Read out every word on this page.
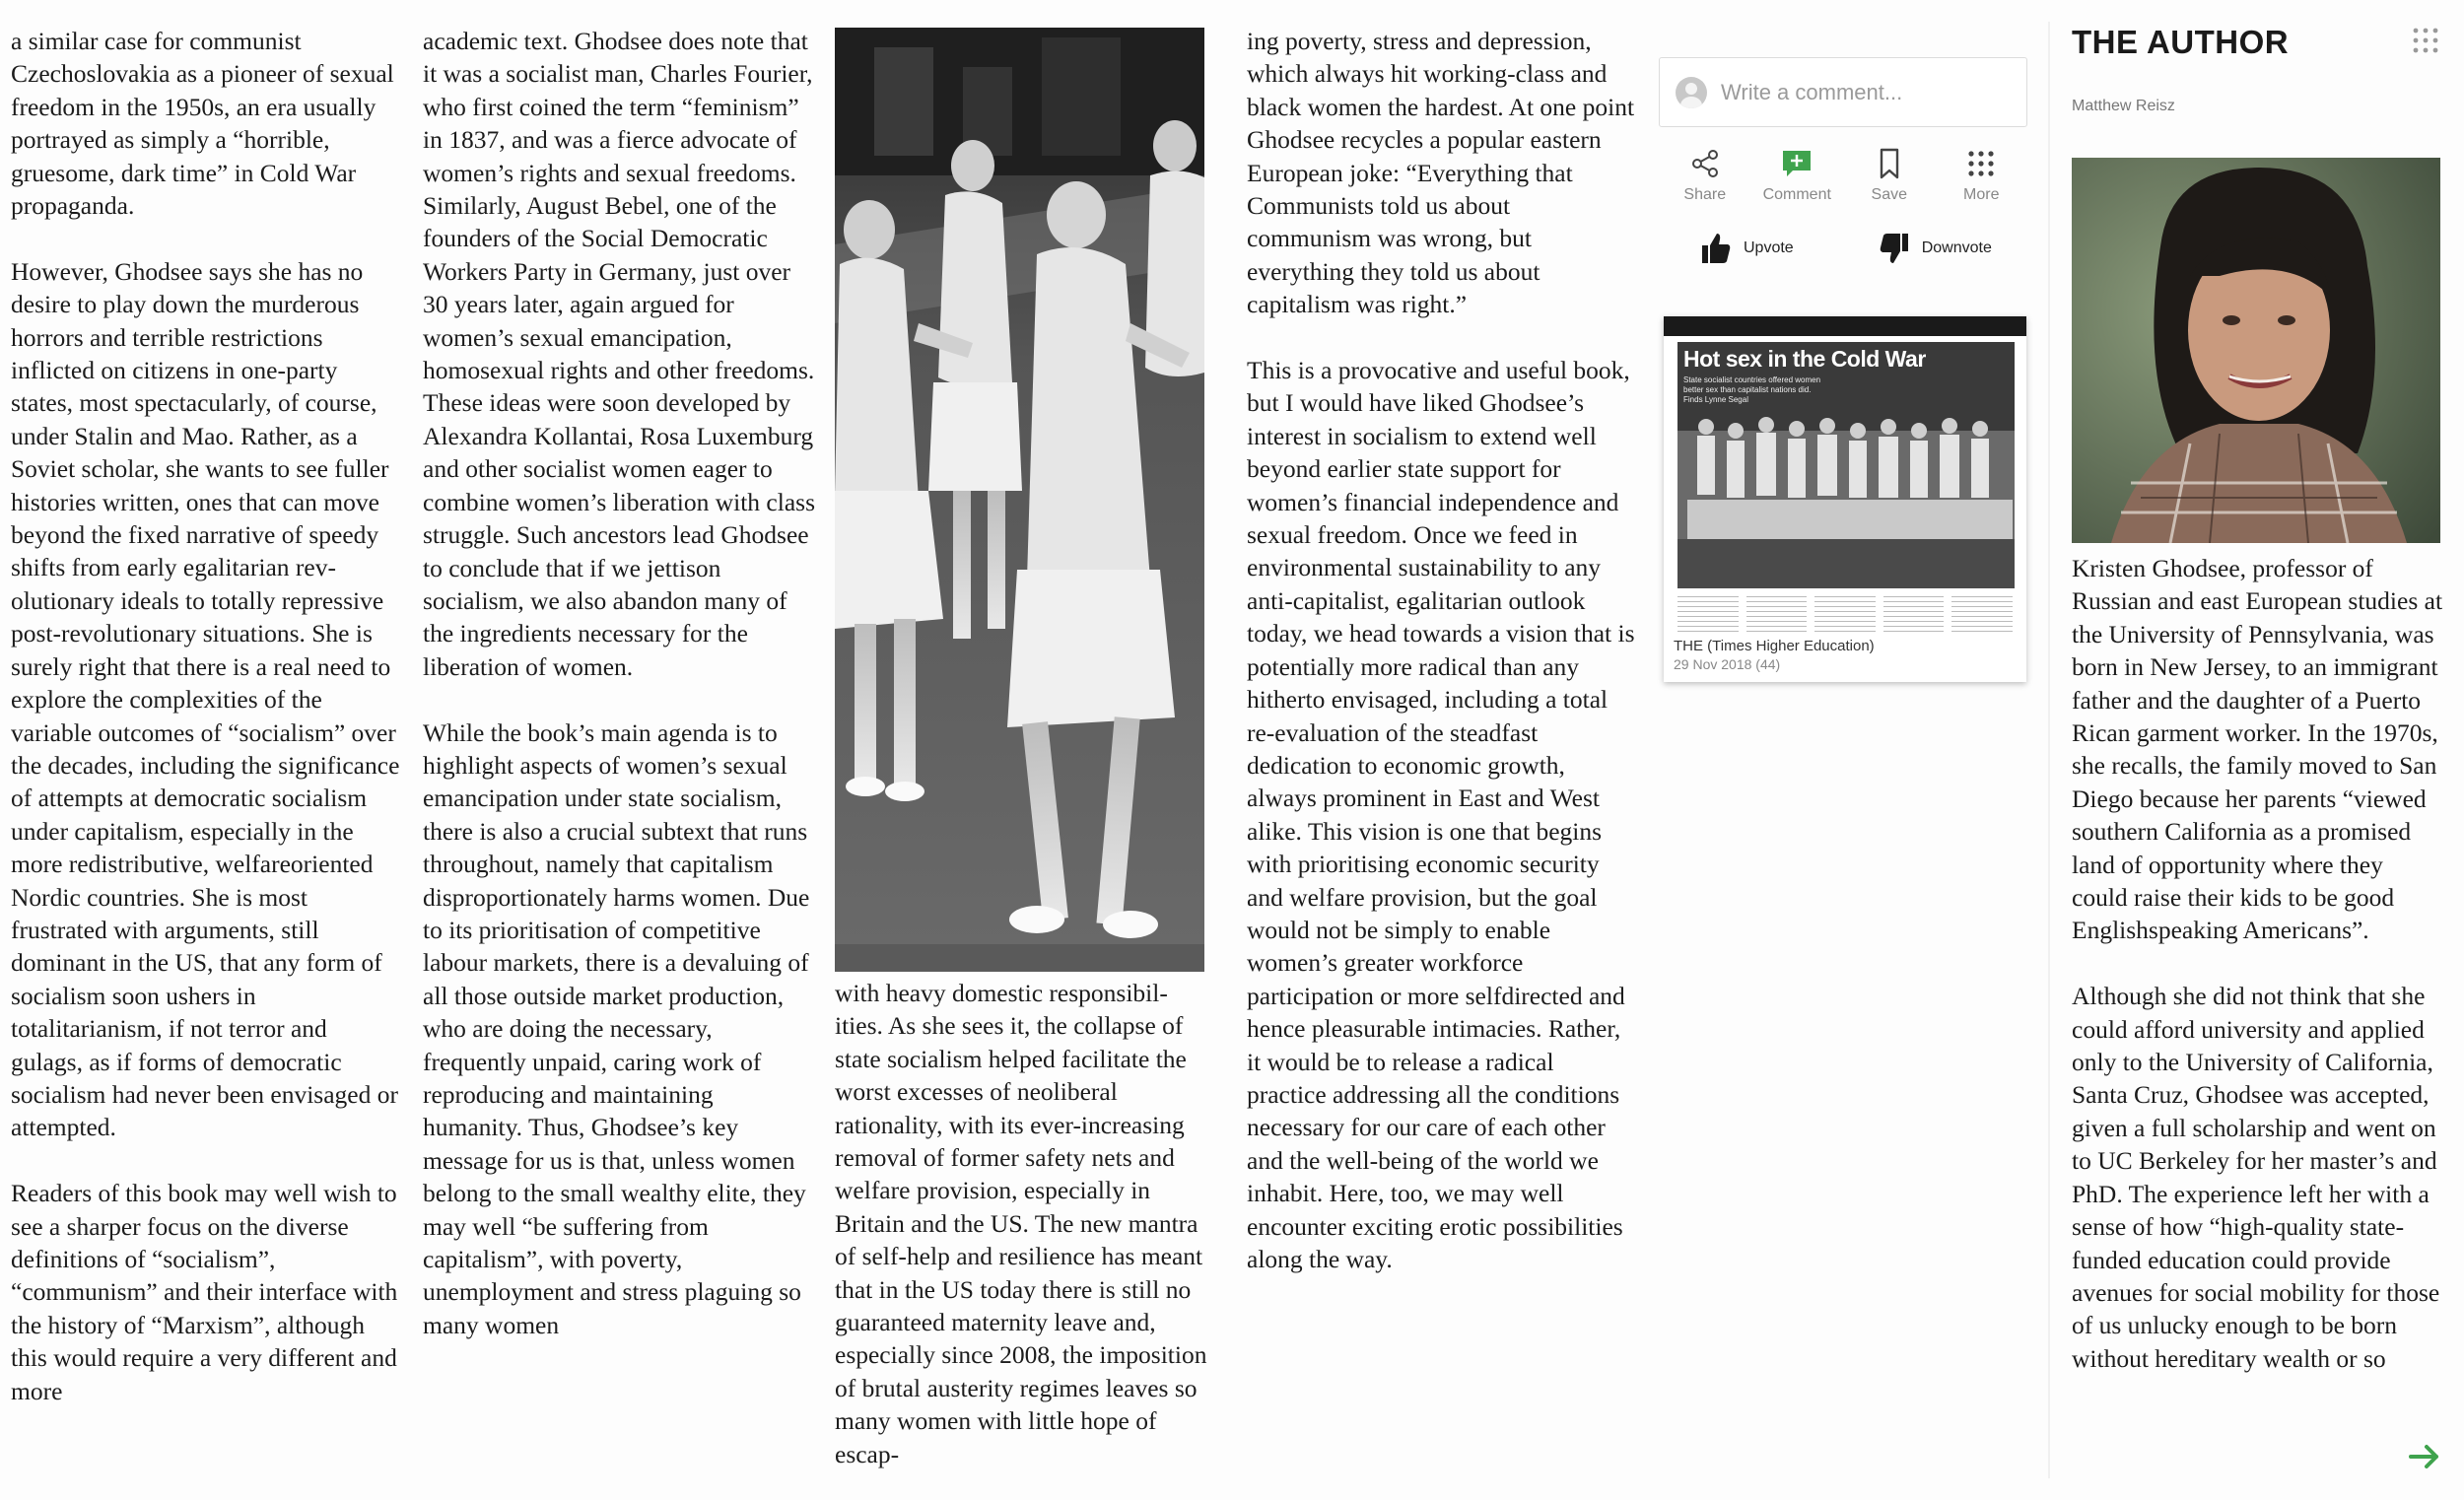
a similar case for communist Czechoslovakia as a pioneer of sexual freedom in the 1950s, an era usually portrayed as simply a “horrible, gruesome, dark time” in Cold War propaganda.

However, Ghodsee says she has no desire to play down the murderous horrors and terrible restrictions inflicted on citizens in one-party states, most spectacularly, of course, under Stalin and Mao. Rather, as a Soviet scholar, she wants to see fuller histories written, ones that can move beyond the fixed narrative of speedy shifts from early egalitarian revolutionary ideals to totally repressive post-revolutionary situations. She is surely right that there is a real need to explore the complexities of the variable outcomes of “socialism” over the decades, including the significance of attempts at democratic socialism under capitalism, especially in the more redistributive, welfareoriented Nordic countries. She is most frustrated with arguments, still dominant in the US, that any form of socialism soon ushers in totalitarianism, if not terror and gulags, as if forms of democratic socialism had never been envisaged or attempted.

Readers of this book may well wish to see a sharper focus on the diverse definitions of “socialism”, “communism” and their interface with the history of “Marxism”, although this would require a very different and more

academic text. Ghodsee does note that it was a socialist man, Charles Fourier, who first coined the term “feminism” in 1837, and was a fierce advocate of women’s rights and sexual freedoms. Similarly, August Bebel, one of the founders of the Social Democratic Workers Party in Germany, just over 30 years later, again argued for women’s sexual emancipation, homosexual rights and other freedoms. These ideas were soon developed by Alexandra Kollantai, Rosa Luxemburg and other socialist women eager to combine women’s liberation with class struggle. Such ancestors lead Ghodsee to conclude that if we jettison socialism, we also abandon many of the ingredients necessary for the liberation of women.

While the book’s main agenda is to highlight aspects of women’s sexual emancipation under state socialism, there is also a crucial subtext that runs throughout, namely that capitalism disproportionately harms women. Due to its prioritisation of competitive labour markets, there is a devaluing of all those outside market production, who are doing the necessary, frequently unpaid, caring work of reproducing and maintaining humanity. Thus, Ghodsee’s key message for us is that, unless women belong to the small wealthy elite, they may well “be suffering from capitalism”, with poverty, unemployment and stress plaguing so many women

with heavy domestic responsibilities. As she sees it, the collapse of state socialism helped facilitate the worst excesses of neoliberal rationality, with its ever-increasing removal of former safety nets and welfare provision, especially in Britain and the US. The new mantra of self-help and resilience has meant that in the US today there is still no guaranteed maternity leave and, especially since 2008, the imposition of brutal austerity regimes leaves so many women with little hope of escap-

ing poverty, stress and depression, which always hit working-class and black women the hardest. At one point Ghodsee recycles a popular eastern European joke: “Everything that Communists told us about communism was wrong, but everything they told us about capitalism was right.”

This is a provocative and useful book, but I would have liked Ghodsee’s interest in socialism to extend well beyond earlier state support for women’s financial independence and sexual freedom. Once we feed in environmental sustainability to any anti-capitalist, egalitarian outlook today, we head towards a vision that is potentially more radical than any hitherto envisaged, including a total re-evaluation of the steadfast dedication to economic growth, always prominent in East and West alike. This vision is one that begins with prioritising economic security and welfare provision, but the goal would not be simply to enable women’s greater workforce participation or more selfdirected and hence pleasurable intimacies. Rather, it would be to release a radical practice addressing all the conditions necessary for our care of each other and the well-being of the world we inhabit. Here, too, we may well encounter exciting erotic possibilities along the way.

Write a comment...
Share Comment	Save	More
Upvote	Downvote
Hot sex in the Cold War
State socialist countries offered women better sex than capitalist nations did. Finds Lynne Segal
THE (Times Higher Education)
29 Nov 2018 (44)
THE AUTHOR
Matthew Reisz

Kristen Ghodsee, professor of Russian and east European studies at the University of Pennsylvania, was born in New Jersey, to an immigrant father and the daughter of a Puerto Rican garment worker. In the 1970s, she recalls, the family moved to San Diego because her parents “viewed southern California as a promised land of opportunity where they could raise their kids to be good Englishspeaking Americans”.

Although she did not think that she could afford university and applied only to the University of California, Santa Cruz, Ghodsee was accepted, given a full scholarship and went on to UC Berkeley for her master’s and PhD. The experience left her with a sense of how “high-quality state-funded education could provide avenues for social mobility for those of us unlucky enough to be born without hereditary wealth or so
